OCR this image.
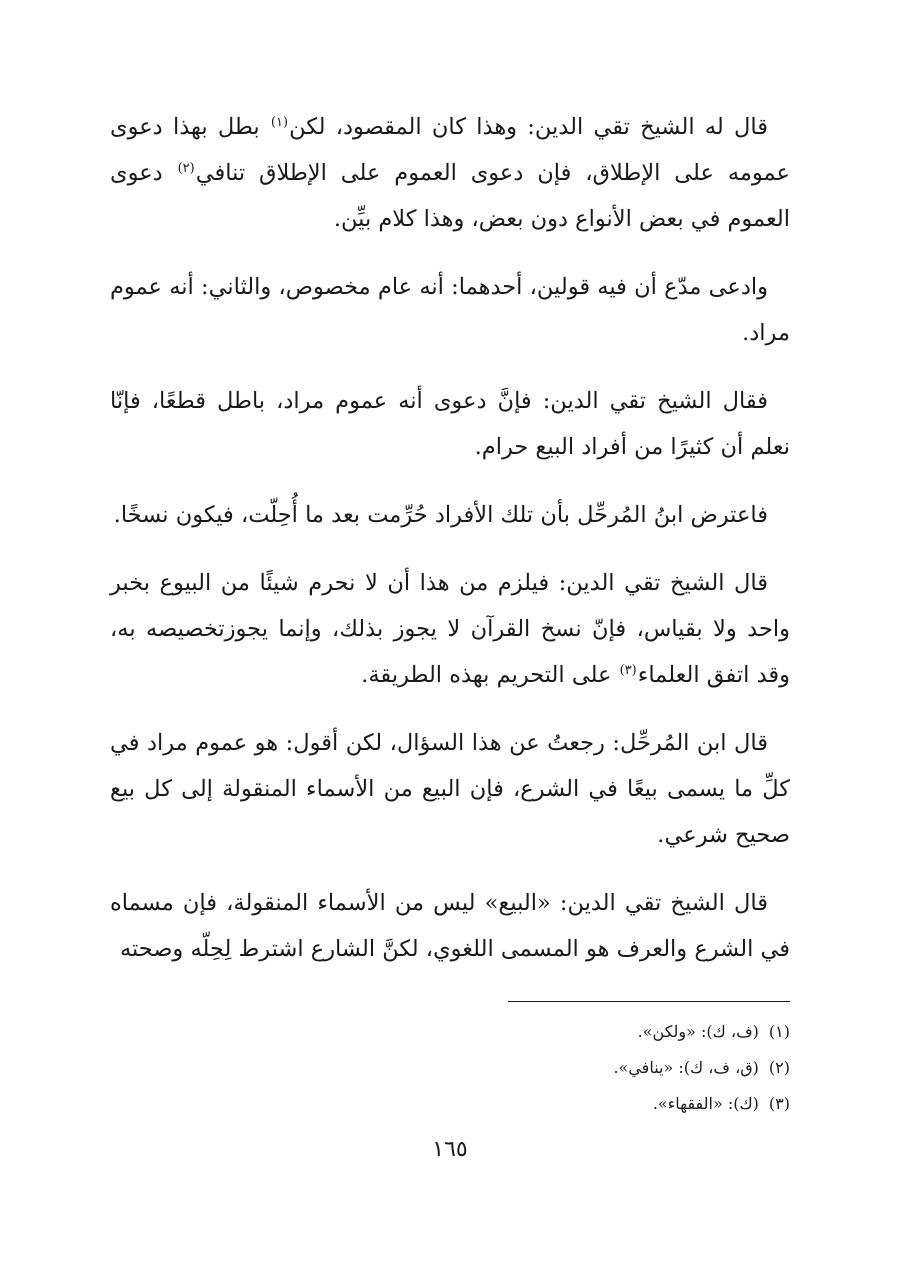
قال له الشيخ تقي الدين: وهذا كان المقصود، لكن$^{(١)}$ بطل بهذا دعوى عمومه على الإطلاق، فإن دعوى العموم على الإطلاق تنافي$^{(٢)}$ دعوى العموم في بعض الأنواع دون بعض، وهذا كلام بيِّن.

وادعى مدّع أن فيه قولين، أحدهما: أنه عام مخصوص، والثاني: أنه عموم مراد.

فقال الشيخ تقي الدين: فإنَّ دعوى أنه عموم مراد، باطل قطعًا، فإنّا نعلم أن كثيرًا من أفراد البيع حرام.

فاعترض ابنُ المُرحِّل بأن تلك الأفراد حُرِّمت بعد ما أُحِلّت، فيكون نسخًا.

قال الشيخ تقي الدين: فيلزم من هذا أن لا نحرم شيئًا من البيوع بخبر واحد ولا بقياس، فإنّ نسخ القرآن لا يجوز بذلك، وإنما يجوزتخصيصه به، وقد اتفق العلماء$^{(٣)}$ على التحريم بهذه الطريقة.

قال ابن المُرحِّل: رجعتُ عن هذا السؤال، لكن أقول: هو عموم مراد في كلِّ ما يسمى بيعًا في الشرع، فإن البيع من الأسماء المنقولة إلى كل بيع صحيح شرعي.

قال الشيخ تقي الدين: «البيع» ليس من الأسماء المنقولة، فإن مسماه في الشرع والعرف هو المسمى اللغوي، لكنَّ الشارع اشترط لِحِلّه وصحته

(١)(ف، ك): «ولكن».

(٢)(ق، ف، ك): «ينافي».

(٣)(ك): «الفقهاء».

١٦٥
